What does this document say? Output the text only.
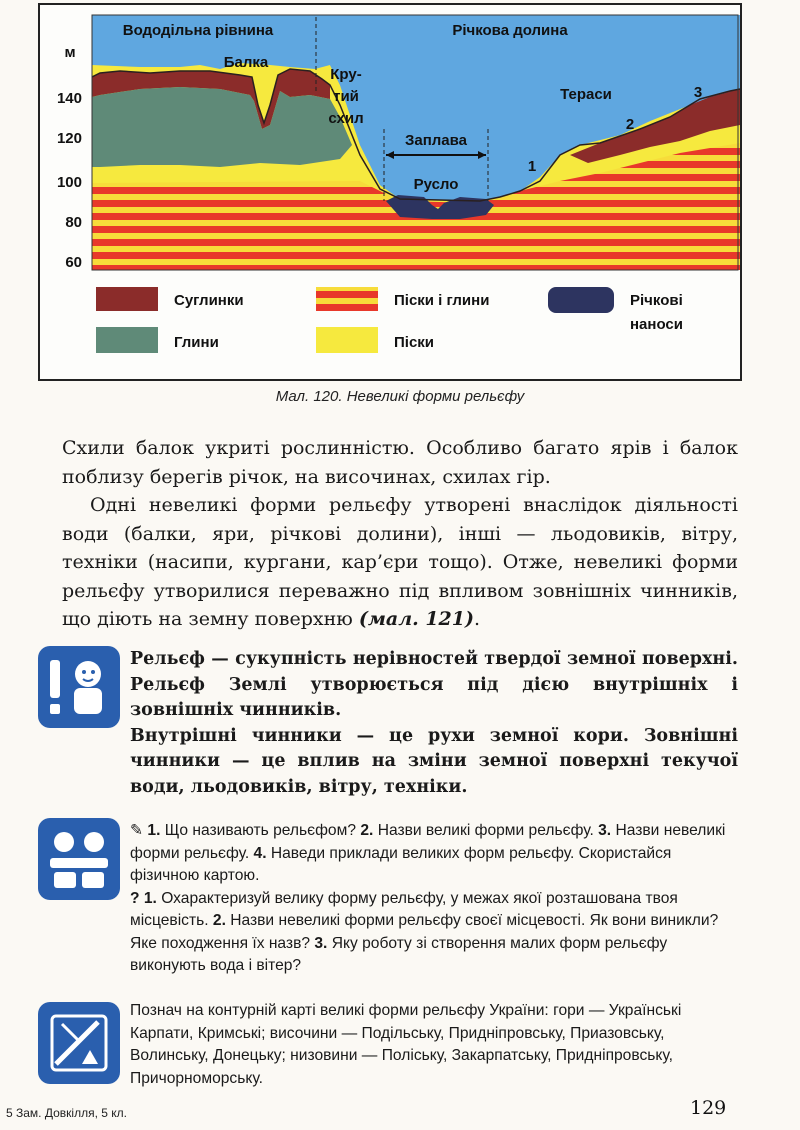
Вододільна рівнина	Річкова долина
м
140
120
100
80
60
Балка
Кру-
тий
схил
Заплава
Русло
Тераси
1
2
3
Суглинки
Глини
Піски і глини
Піски
Річкові
наноси
Мал. 120. Невеликі форми рельєфу

Схили балок укриті рослинністю. Особливо багато ярів і балок поблизу берегів річок, на височинах, схилах гір.

Одні невеликі форми рельєфу утворені внаслідок діяльності води (балки, яри, річкові долини), інші — льодовиків, вітру, техніки (насипи, кургани, кар’єри тощо). Отже, невеликі форми рельєфу утворилися переважно під впливом зовнішніх чинників, що діють на земну поверхню (мал. 121).

Рельєф — сукупність нерівностей твердої земної поверхні. Рельєф Землі утворюється під дією внутрішніх і зовнішніх чинників.

Внутрішні чинники — це рухи земної кори. Зовнішні чинники — це вплив на зміни земної поверхні текучої води, льодовиків, вітру, техніки.

✎ 1. Що називають рельєфом? 2. Назви великі форми рельєфу. 3. Назви невеликі форми рельєфу. 4. Наведи приклади великих форм рельєфу. Скористайся фізичною картою.

? 1. Охарактеризуй велику форму рельєфу, у межах якої розташована твоя місцевість. 2. Назви невеликі форми рельєфу своєї місцевості. Як вони виникли? Яке походження їх назв? 3. Яку роботу зі створення малих форм рельєфу виконують вода і вітер?

Познач на контурній карті великі форми рельєфу України: гори — Українські Карпати, Кримські; височини — Подільську, Придніпровську, Приазовську, Волинську, Донецьку; низовини — Поліську, Закарпатську, Придніпровську, Причорноморську.
5 Зам. Довкілля, 5 кл.	129
